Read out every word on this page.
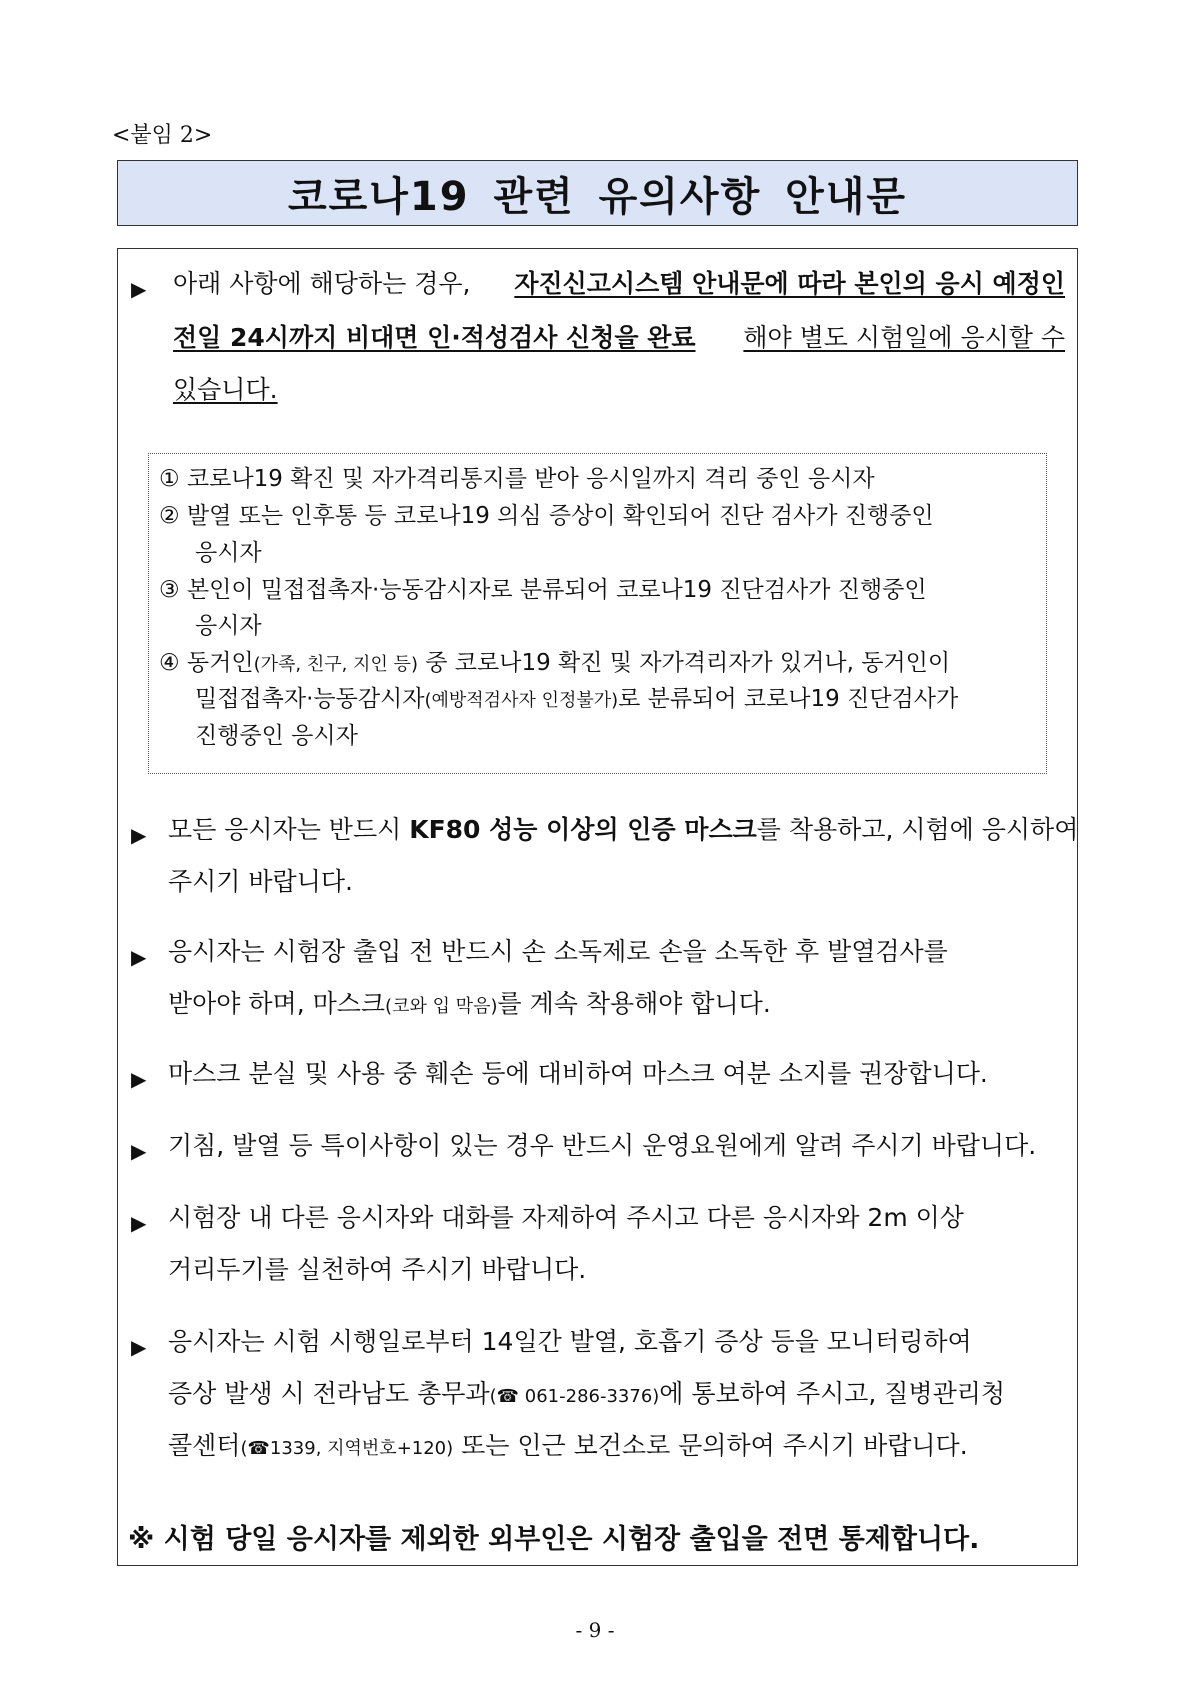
<붙임 2>
코로나19 관련 유의사항 안내문
▶ 아래 사항에 해당하는 경우, 자진신고시스템 안내문에 따라 본인의 응시 예정인
전일 24시까지 비대면 인·적성검사 신청을 완료 해야 별도 시험일에 응시할 수
있습니다.
① 코로나19 확진 및 자가격리통지를 받아 응시일까지 격리 중인 응시자
② 발열 또는 인후통 등 코로나19 의심 증상이 확인되어 진단 검사가 진행중인
응시자
③ 본인이 밀접접촉자·능동감시자로 분류되어 코로나19 진단검사가 진행중인
응시자
④ 동거인(가족, 친구, 지인 등) 중 코로나19 확진 및 자가격리자가 있거나, 동거인이
밀접접촉자·능동감시자(예방적검사자 인정불가)로 분류되어 코로나19 진단검사가
진행중인 응시자
▶ 모든 응시자는 반드시 KF80 성능 이상의 인증 마스크를 착용하고, 시험에 응시하여
주시기 바랍니다.
▶ 응시자는 시험장 출입 전 반드시 손 소독제로 손을 소독한 후 발열검사를
받아야 하며, 마스크(코와 입 막음)를 계속 착용해야 합니다.
▶ 마스크 분실 및 사용 중 훼손 등에 대비하여 마스크 여분 소지를 권장합니다.
▶ 기침, 발열 등 특이사항이 있는 경우 반드시 운영요원에게 알려 주시기 바랍니다.
▶ 시험장 내 다른 응시자와 대화를 자제하여 주시고 다른 응시자와 2m 이상
거리두기를 실천하여 주시기 바랍니다.
▶ 응시자는 시험 시행일로부터 14일간 발열, 호흡기 증상 등을 모니터링하여
증상 발생 시 전라남도 총무과(☎ 061-286-3376)에 통보하여 주시고, 질병관리청
콜센터(☎1339, 지역번호+120) 또는 인근 보건소로 문의하여 주시기 바랍니다.
※ 시험 당일 응시자를 제외한 외부인은 시험장 출입을 전면 통제합니다.
- 9 -
